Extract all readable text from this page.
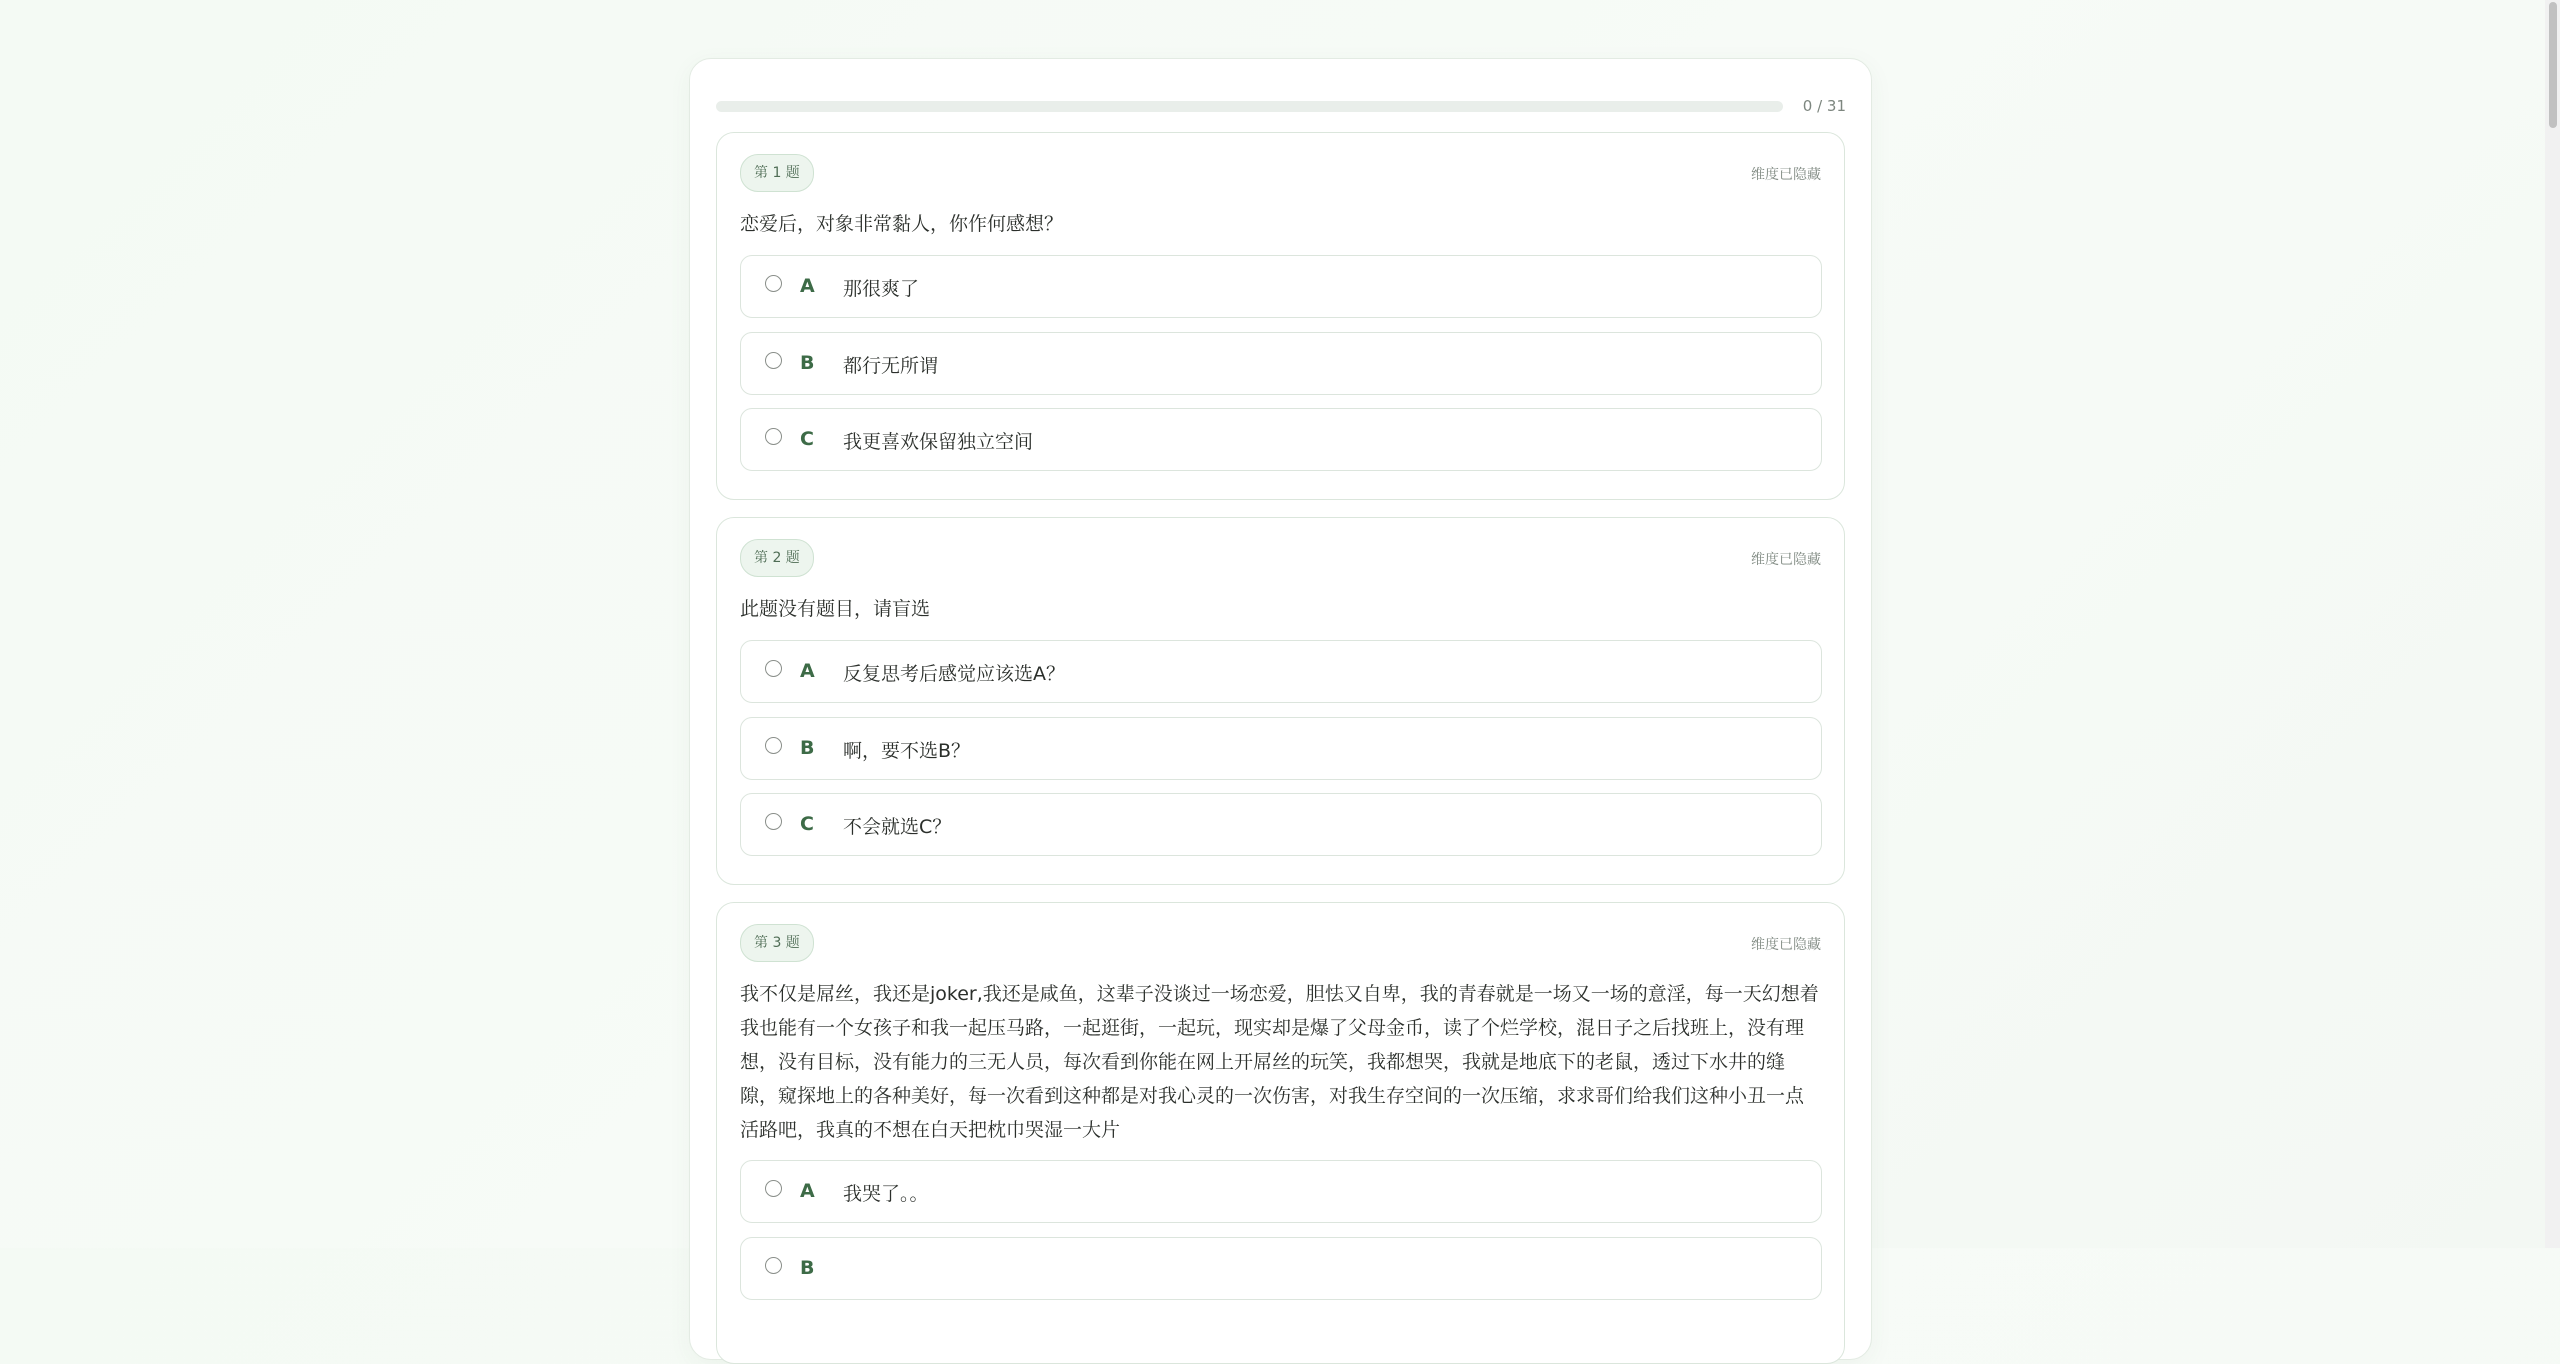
0 / 31
第 1 题	维度已隐藏
恋爱后，对象非常黏人，你作何感想？
A 那很爽了
B 都行无所谓
C 我更喜欢保留独立空间
第 2 题	维度已隐藏
此题没有题目，请盲选
A 反复思考后感觉应该选A？
B 啊，要不选B？
C 不会就选C？
第 3 题	维度已隐藏
我不仅是屌丝，我还是joker,我还是咸鱼，这辈子没谈过一场恋爱，胆怯又自卑，我的青春就是一场又一场的意淫，每一天幻想着我也能有一个女孩子和我一起压马路，一起逛街，一起玩，现实却是爆了父母金币，读了个烂学校，混日子之后找班上，没有理想，没有目标，没有能力的三无人员，每次看到你能在网上开屌丝的玩笑，我都想哭，我就是地底下的老鼠，透过下水井的缝隙，窥探地上的各种美好，每一次看到这种都是对我心灵的一次伤害，对我生存空间的一次压缩，求求哥们给我们这种小丑一点活路吧，我真的不想在白天把枕巾哭湿一大片
A 我哭了。。
B
